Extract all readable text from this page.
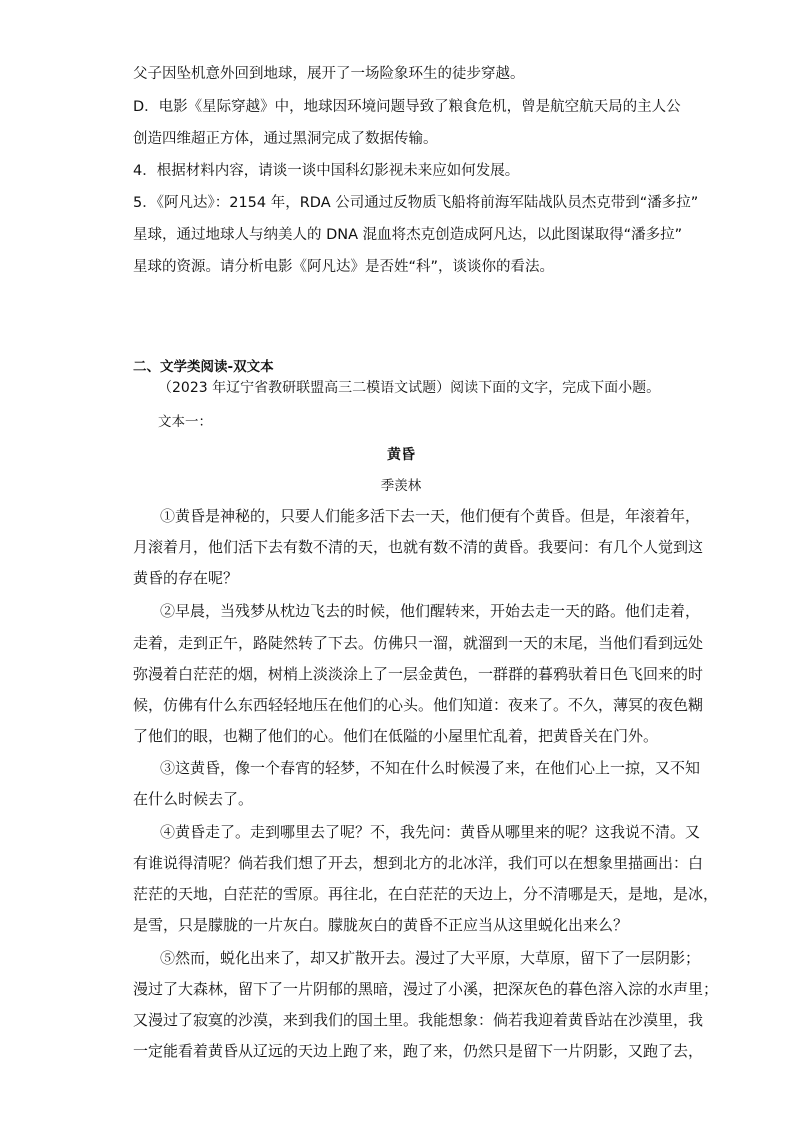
父子因坠机意外回到地球，展开了一场险象环生的徒步穿越。
D．电影《星际穿越》中，地球因环境问题导致了粮食危机，曾是航空航天局的主人公
创造四维超正方体，通过黑洞完成了数据传输。
4．根据材料内容，请谈一谈中国科幻影视未来应如何发展。
5．《阿凡达》：2154 年，RDA 公司通过反物质飞船将前海军陆战队员杰克带到“潘多拉”
星球，通过地球人与纳美人的 DNA 混血将杰克创造成阿凡达，以此图谋取得“潘多拉”
星球的资源。请分析电影《阿凡达》是否姓“科”，谈谈你的看法。
二、文学类阅读-双文本
（2023 年辽宁省教研联盟高三二模语文试题）阅读下面的文字，完成下面小题。
文本一：
黄昏
季羡林
①黄昏是神秘的，只要人们能多活下去一天，他们便有个黄昏。但是，年滚着年，
月滚着月，他们活下去有数不清的天，也就有数不清的黄昏。我要问：有几个人觉到这
黄昏的存在呢？
②早晨，当残梦从枕边飞去的时候，他们醒转来，开始去走一天的路。他们走着，
走着，走到正午，路陡然转了下去。仿佛只一溜，就溜到一天的末尾，当他们看到远处
弥漫着白茫茫的烟，树梢上淡淡涂上了一层金黄色，一群群的暮鸦驮着日色飞回来的时
候，仿佛有什么东西轻轻地压在他们的心头。他们知道：夜来了。不久，薄冥的夜色糊
了他们的眼，也糊了他们的心。他们在低隘的小屋里忙乱着，把黄昏关在门外。
③这黄昏，像一个春宵的轻梦，不知在什么时候漫了来，在他们心上一掠，又不知
在什么时候去了。
④黄昏走了。走到哪里去了呢？不，我先问：黄昏从哪里来的呢？这我说不清。又
有谁说得清呢？倘若我们想了开去，想到北方的北冰洋，我们可以在想象里描画出：白
茫茫的天地，白茫茫的雪原。再往北，在白茫茫的天边上，分不清哪是天，是地，是冰，
是雪，只是朦胧的一片灰白。朦胧灰白的黄昏不正应当从这里蜕化出来么？
⑤然而，蜕化出来了，却又扩散开去。漫过了大平原，大草原，留下了一层阴影；
漫过了大森林，留下了一片阴郁的黑暗，漫过了小溪，把深灰色的暮色溶入淙的水声里；
又漫过了寂寞的沙漠，来到我们的国土里。我能想象：倘若我迎着黄昏站在沙漠里，我
一定能看着黄昏从辽远的天边上跑了来，跑了来，仍然只是留下一片阴影，又跑了去，
